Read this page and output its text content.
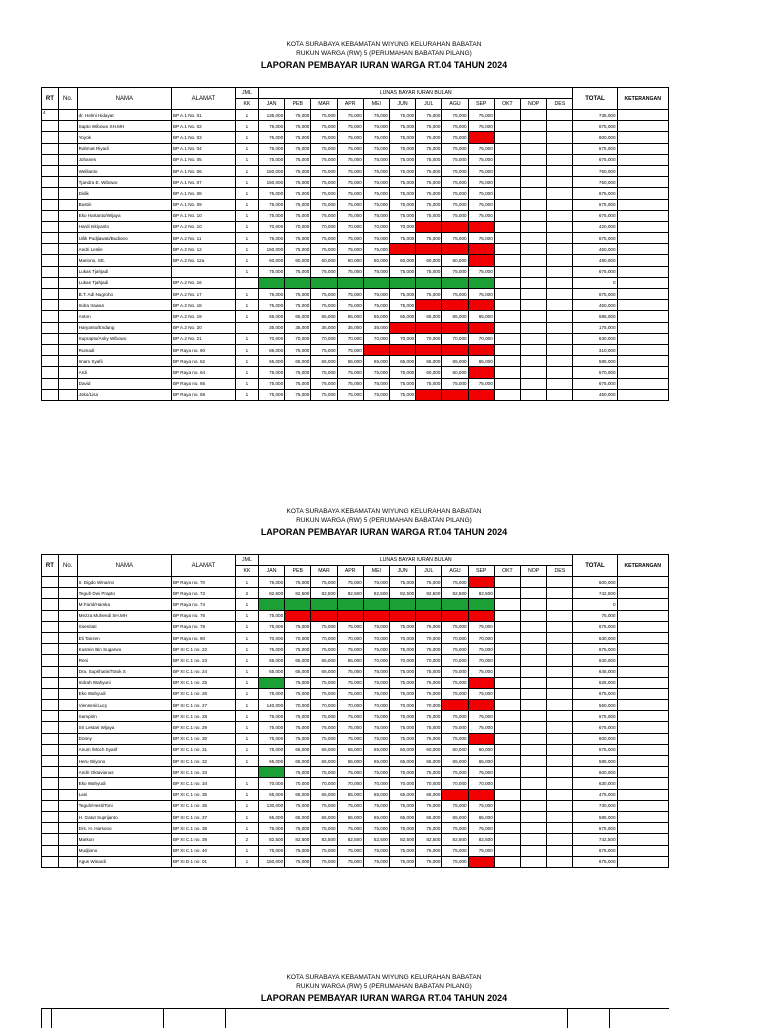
KOTA SURABAYA KEBAMATAN WIYUNG KELURAHAN BABATAN
RUKUN WARGA (RW) 5 (PERUMAHAN BABATAN PILANG)
LAPORAN PEMBAYAR IURAN WARGA RT.04 TAHUN 2024
RT	No.	NAMA	ALAMAT	JML	LUNAS BAYAR IURAN BULAN												TOTAL	KETERANGAN
				KK	JAN	PEB	MAR	APR	MEI	JUN	JUL	AGU	SEP	OKT	NOP	DES		
4		dr. Helmi Hidayat	BP A.1 No. 01	1	135,000	75,000	75,000	75,000	75,000	75,000	75,000	75,000	75,000				735,000	
		Sapto Wibowo SH.MH	BP A.1 No. 02	1	75,000	75,000	75,000	75,000	75,000	75,000	75,000	75,000	75,000				675,000	
		Yoyok	BP A.1 No. 03	1	75,000	75,000	75,000	75,000	75,000	75,000	75,000	75,000					600,000	
		Rahmat Riyadi	BP A.1 No. 04	1	75,000	75,000	75,000	75,000	75,000	75,000	75,000	75,000	75,000				675,000	
		Johanes	BP A.1 No. 05	1	75,000	75,000	75,000	75,000	75,000	75,000	75,000	75,000	75,000				675,000	
		Wellianto	BP A.1 No. 06	1	150,000	75,000	75,000	75,000	75,000	75,000	75,000	75,000	75,000				750,000	
		Tjandra E. Wibowo	BP A.1 No. 07	1	150,000	75,000	75,000	75,000	75,000	75,000	75,000	75,000	75,000				750,000	
		Didik	BP A.1 No. 08	1	75,000	75,000	75,000	75,000	75,000	75,000	75,000	75,000	75,000				675,000	
		Bustin	BP A.1 No. 09	1	75,000	75,000	75,000	75,000	75,000	75,000	75,000	75,000	75,000				675,000	
		Eko Hartanto/Wijaya	BP A.1 No. 10	1	75,000	75,000	75,000	75,000	75,000	75,000	75,000	75,000	75,000				675,000	
		Hardi Iskiyanto	BP A.2 No. 10	1	70,000	70,000	70,000	70,000	70,000	70,000							420,000	
		Uilik Pudjiawati/Budiono	BP A.2 No. 11	1	75,000	75,000	75,000	75,000	75,000	75,000	75,000	75,000	75,000				675,000	
		Andri Leslie	BP A.2 No. 12	1	150,000	75,000	75,000	75,000	75,000								450,000	
		Mariono, SE.	BP A.2 No. 12a	1	60,000	60,000	60,000	60,000	60,000	60,000	60,000	60,000					480,000	
		Lukas Tjahjadi		1	75,000	75,000	75,000	75,000	75,000	75,000	75,000	75,000	75,000				675,000	
		Lukas Tjahjadi	BP A.2 No. 16														0	
		B.T. Adi Nugroho	BP A.2 No. 17	1	75,000	75,000	75,000	75,000	75,000	75,000	75,000	75,000	75,000				675,000	
		Indra Irawan	BP A.2 No. 18	1	75,000	75,000	75,000	75,000	75,000	75,000							450,000	
		Anton	BP A.2 No. 19	1	65,000	65,000	65,000	65,000	65,000	65,000	65,000	65,000	65,000				585,000	
		Haryanto/Endang	BP A.2 No. 20		35,000	35,000	35,000	35,000	35,000								175,000	
		Suprapto/Anky Wibowo	BP A.2 No. 21	1	70,000	70,000	70,000	70,000	70,000	70,000	70,000	70,000	70,000				630,000	
		Rumadi	BP Raya no. 60	1	85,000	75,000	75,000	75,000									310,000	
		Imam Syafii	BP Raya no. 62	1	65,000	65,000	65,000	65,000	65,000	65,000	65,000	65,000	65,000				585,000	
		Ardi	BP Raya no. 64	1	75,000	75,000	75,000	75,000	75,000	75,000	60,000	60,000					570,000	
		David	BP Raya no. 66	1	75,000	75,000	75,000	75,000	75,000	75,000	75,000	75,000	75,000				675,000	
		Joko/Lisa	BP Raya no. 68	1	75,000	75,000	75,000	75,000	75,000	75,000							450,000	
KOTA SURABAYA KEBAMATAN WIYUNG KELURAHAN BABATAN
RUKUN WARGA (RW) 5 (PERUMAHAN BABATAN PILANG)
LAPORAN PEMBAYAR IURAN WARGA RT.04 TAHUN 2024
RT	No.	NAMA	ALAMAT	JML	LUNAS BAYAR IURAN BULAN												TOTAL	KETERANGAN
				KK	JAN	PEB	MAR	APR	MEI	JUN	JUL	AGU	SEP	OKT	NOP	DES		
		Ir. Digdo Winarno	BP Raya no. 70	1	75,000	75,000	75,000	75,000	75,000	75,000	75,000	75,000					600,000	
		Teguh Dwi Prapto	BP Raya no. 72	2	82,500	82,500	82,500	82,500	82,500	82,500	82,500	82,500	82,500				742,500	
		M.Farid/Hamka	BP Raya no. 74	1													0	
		Mezza Muhendi SH.MH	BP Raya no. 76	1	75,000												75,000	
		Soenitati	BP Raya no. 78	1	75,000	75,000	75,000	75,000	75,000	75,000	75,000	75,000	75,000				675,000	
		Eli Tanzen	BP Raya no. 80	1	70,000	70,000	70,000	70,000	70,000	70,000	70,000	70,000	70,000				630,000	
		Kusmin Bin Sugarwo	BP XI C.1 no. 22	1	75,000	75,000	75,000	75,000	75,000	75,000	75,000	75,000	75,000				675,000	
		Reni	BP XI C.1 no. 23	1	65,000	65,000	65,000	65,000	70,000	70,000	70,000	70,000	70,000				630,000	
		Dra. Suprihatin/Totok S	BP XI C.1 no. 24	1	65,000	65,000	65,000	75,000	75,000	75,000	75,000	75,000	75,000				645,000	
		Indrah Wahyuni	BP XI C.1 no. 25	1		75,000	75,000	75,000	75,000	75,000	75,000	75,000					525,000	
		Eko Wahyudi	BP XI C.1 no. 26	1	75,000	75,000	75,000	75,000	75,000	75,000	75,000	75,000	75,000				675,000	
		Vienseni/Lucy	BP XI C.1 no. 27	1	140,000	70,000	70,000	70,000	70,000	70,000	70,000						560,000	
		Sampirin	BP XI C.1 no. 28	1	75,000	75,000	75,000	75,000	75,000	75,000	75,000	75,000	75,000				675,000	
		Sri Lestari Wijaya	BP XI C.1 no. 29	1	75,000	75,000	75,000	75,000	75,000	75,000	75,000	75,000	75,000				675,000	
		Donny	BP XI C.1 no. 30	1	75,000	75,000	75,000	75,000	75,000	75,000	75,000	75,000					600,000	
		Anum /Moch Syarif	BP XI C.1 no. 31	1	75,000	65,000	65,000	65,000	65,000	60,000	60,000	60,000	60,000				575,000	
		Heru Wiyono	BP XI C.1 no. 32	1	65,000	65,000	65,000	65,000	65,000	65,000	65,000	65,000	65,000				585,000	
		Andri Oktavianus	BP XI C.1 no. 33			75,000	75,000	75,000	75,000	75,000	75,000	75,000	75,000				600,000	
		Eko Wahyudi	BP XI C.1 no. 34	1	70,000	70,000	70,000	70,000	70,000	70,000	70,000	70,000	70,000				630,000	
		Lani	BP XI C.1 no. 35	1	65,000	65,000	65,000	65,000	65,000	65,000	65,000						475,000	
		Teguh/Hesti/Toni	BP XI C.1 no. 36	1	130,000	75,000	75,000	75,000	75,000	75,000	75,000	75,000	75,000				730,000	
		H. Gatut Suprijanto	BP XI C.1 no. 37	1	65,000	65,000	65,000	65,000	65,000	65,000	65,000	65,000	65,000				585,000	
		Drs. H. Harsono	BP XI C.1 no. 38	1	75,000	75,000	75,000	75,000	75,000	75,000	75,000	75,000	75,000				675,000	
		Markun	BP XI C.1 no. 39	2	82,500	82,500	82,500	82,500	82,500	82,500	82,500	82,500	82,500				742,500	
		Mudjiono	BP XI C.1 no. 40	1	75,000	75,000	75,000	75,000	75,000	75,000	75,000	75,000	75,000				675,000	
		Agus Winardi	BP XI D.1 no. 01	1	150,000	75,000	75,000	75,000	75,000	75,000	75,000	75,000					675,000	
KOTA SURABAYA KEBAMATAN WIYUNG KELURAHAN BABATAN
RUKUN WARGA (RW) 5 (PERUMAHAN BABATAN PILANG)
LAPORAN PEMBAYAR IURAN WARGA RT.04 TAHUN 2024
